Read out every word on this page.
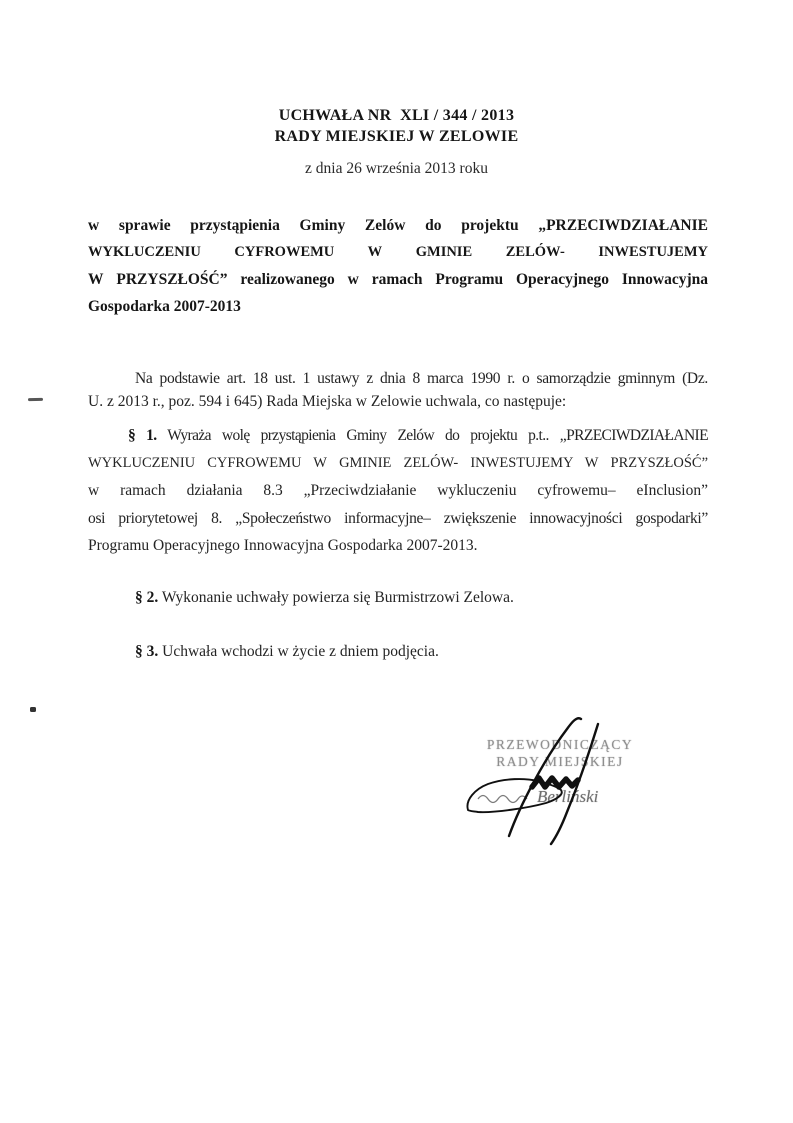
UCHWAŁA NR  XLI / 344 / 2013
RADY MIEJSKIEJ W ZELOWIE
z dnia 26 września 2013 roku
w sprawie przystąpienia Gminy Zelów do projektu „PRZECIWDZIAŁANIE
WYKLUCZENIU CYFROWEMU W GMINIE ZELÓW- INWESTUJEMY
W PRZYSZŁOŚĆ” realizowanego w ramach Programu Operacyjnego Innowacyjna
Gospodarka 2007-2013
Na podstawie art. 18 ust. 1 ustawy z dnia 8 marca 1990 r. o samorządzie gminnym (Dz.
U. z 2013 r., poz. 594 i 645) Rada Miejska w Zelowie uchwala, co następuje:
§ 1. Wyraża wolę przystąpienia Gminy Zelów do projektu p.t.. „PRZECIWDZIAŁANIE
WYKLUCZENIU CYFROWEMU W GMINIE ZELÓW- INWESTUJEMY W PRZYSZŁOŚĆ”
w ramach działania 8.3 „Przeciwdziałanie wykluczeniu cyfrowemu– eInclusion”
osi priorytetowej 8. „Społeczeństwo informacyjne– zwiększenie innowacyjności gospodarki”
Programu Operacyjnego Innowacyjna Gospodarka 2007-2013.
§ 2. Wykonanie uchwały powierza się Burmistrzowi Zelowa.
§ 3. Uchwała wchodzi w życie z dniem podjęcia.
PRZEWODNICZĄCY
RADY MIEJSKIEJ
Berliński
